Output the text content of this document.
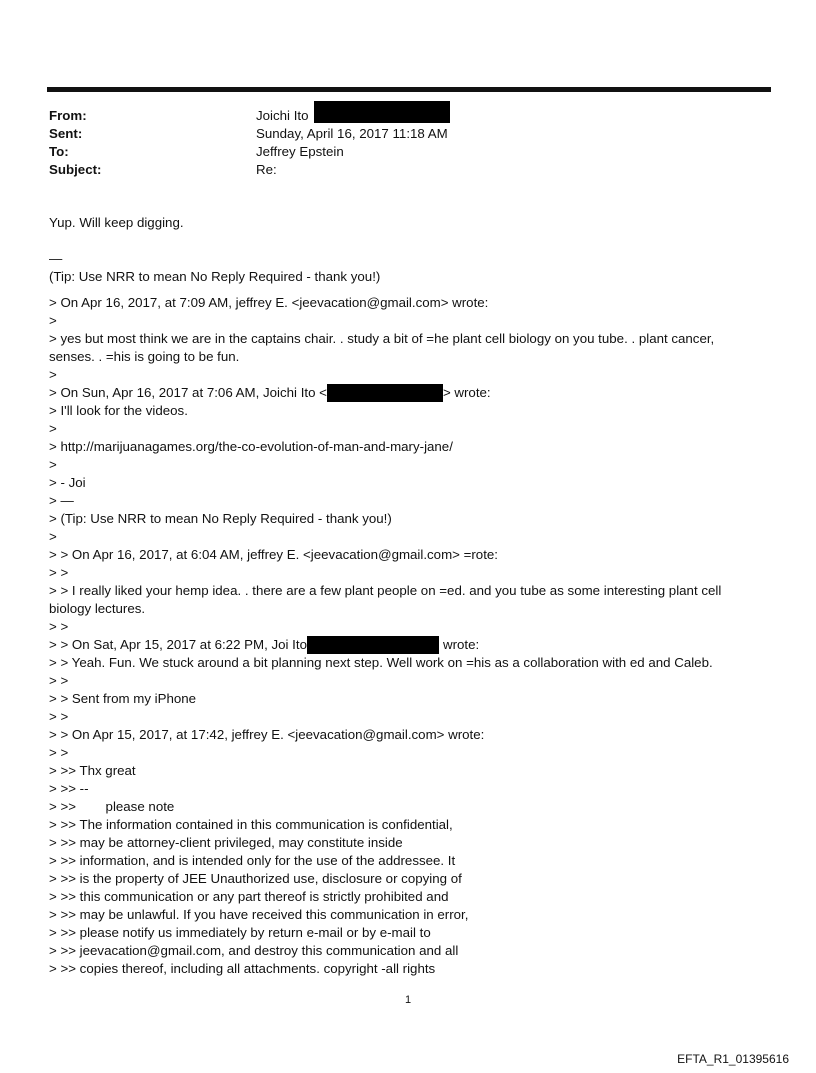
From:	Joichi Ito
Sent:	Sunday, April 16, 2017 11:18 AM
To:	Jeffrey Epstein
Subject:	Re:
Yup. Will keep digging.
—
(Tip: Use NRR to mean No Reply Required - thank you!)
> On Apr 16, 2017, at 7:09 AM, jeffrey E. <jeevacation@gmail.com> wrote:
>
> yes but most think we are in the captains chair. . study a bit of =he plant cell biology on you tube. . plant cancer, senses. . =his is going to be fun.
>
> On Sun, Apr 16, 2017 at 7:06 AM, Joichi Ito <	> wrote:
> I'll look for the videos.
>
> http://marijuanagames.org/the-co-evolution-of-man-and-mary-jane/
>
> - Joi
> —
> (Tip: Use NRR to mean No Reply Required - thank you!)
>
> > On Apr 16, 2017, at 6:04 AM, jeffrey E. <jeevacation@gmail.com> =rote:
> >
> > I really liked your hemp idea. . there are a few plant people on =ed. and you tube as some interesting plant cell biology lectures.
> >
> > On Sat, Apr 15, 2017 at 6:22 PM, Joi Ito	wrote:
> > Yeah. Fun. We stuck around a bit planning next step. Well work on =his as a collaboration with ed and Caleb.
> >
> > Sent from my iPhone
> >
> > On Apr 15, 2017, at 17:42, jeffrey E. <jeevacation@gmail.com> wrote:
> >
> >> Thx great
> >> --
> >>        please note
> >> The information contained in this communication is confidential,
> >> may be attorney-client privileged, may constitute inside
> >> information, and is intended only for the use of the addressee. It
> >> is the property of JEE Unauthorized use, disclosure or copying of
> >> this communication or any part thereof is strictly prohibited and
> >> may be unlawful. If you have received this communication in error,
> >> please notify us immediately by return e-mail or by e-mail to
> >> jeevacation@gmail.com, and destroy this communication and all
> >> copies thereof, including all attachments. copyright -all rights
1
EFTA_R1_01395616
